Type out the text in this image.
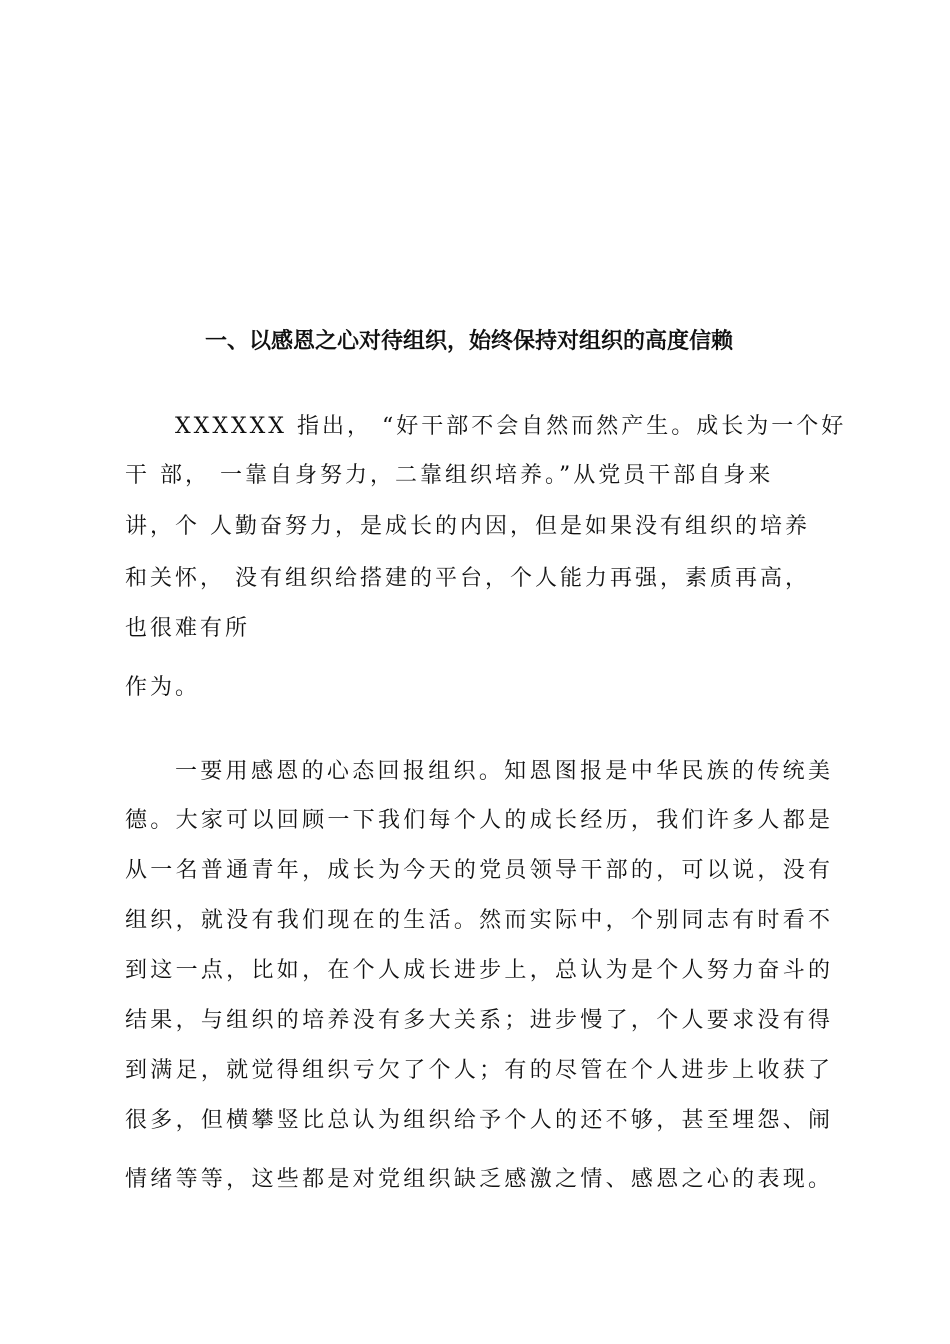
一、以感恩之心对待组织，始终保持对组织的高度信赖
XXXXXX 指出， “好干部不会自然而然产生。成长为一个好
干 部， 一靠自身努力，二靠组织培养。”从党员干部自身来
讲，个 人勤奋努力，是成长的内因，但是如果没有组织的培养
和关怀， 没有组织给搭建的平台，个人能力再强，素质再高，
也很难有所
作为。
一要用感恩的心态回报组织。知恩图报是中华民族的传统美
德。大家可以回顾一下我们每个人的成长经历，我们许多人都是
从一名普通青年，成长为今天的党员领导干部的，可以说，没有
组织，就没有我们现在的生活。然而实际中，个别同志有时看不
到这一点，比如，在个人成长进步上，总认为是个人努力奋斗的
结果，与组织的培养没有多大关系；进步慢了，个人要求没有得
到满足，就觉得组织亏欠了个人；有的尽管在个人进步上收获了
很多，但横攀竖比总认为组织给予个人的还不够，甚至埋怨、闹
情绪等等，这些都是对党组织缺乏感激之情、感恩之心的表现。
